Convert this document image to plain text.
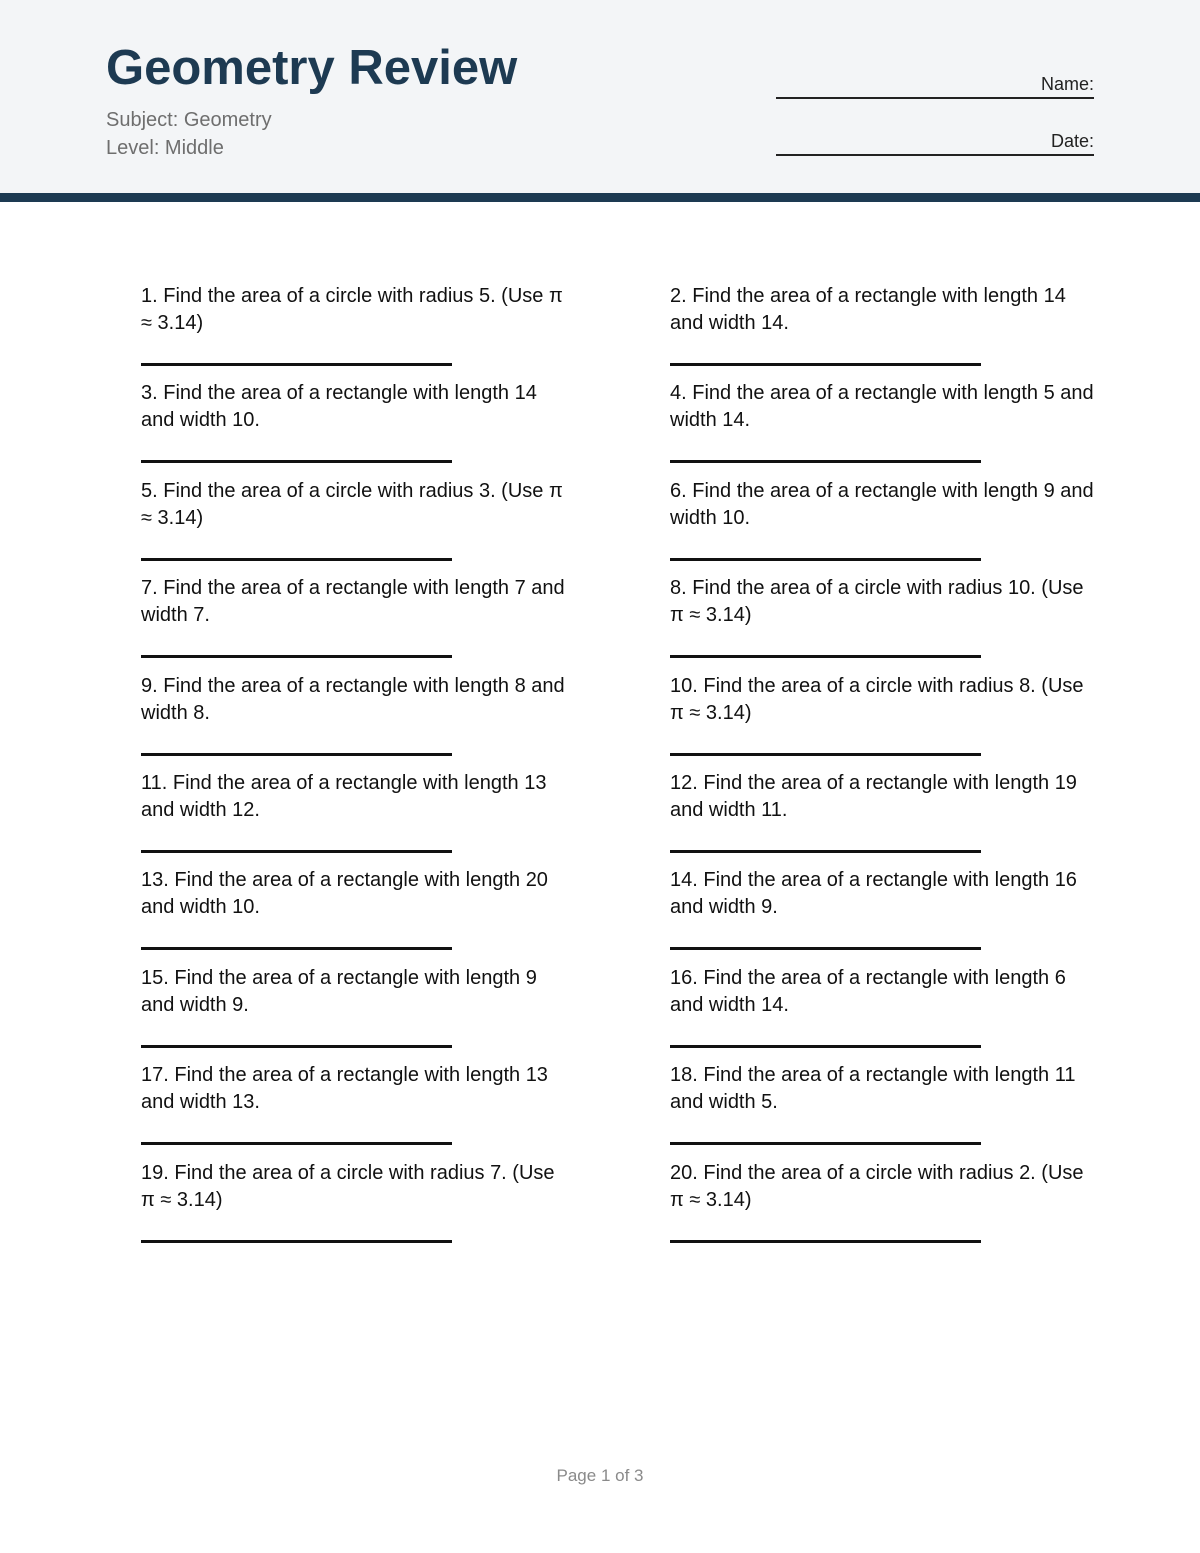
Geometry Review
Subject: Geometry
Level: Middle
Name:
Date:
1. Find the area of a circle with radius 5. (Use π ≈ 3.14)
2. Find the area of a rectangle with length 14 and width 14.
3. Find the area of a rectangle with length 14 and width 10.
4. Find the area of a rectangle with length 5 and width 14.
5. Find the area of a circle with radius 3. (Use π ≈ 3.14)
6. Find the area of a rectangle with length 9 and width 10.
7. Find the area of a rectangle with length 7 and width 7.
8. Find the area of a circle with radius 10. (Use π ≈ 3.14)
9. Find the area of a rectangle with length 8 and width 8.
10. Find the area of a circle with radius 8. (Use π ≈ 3.14)
11. Find the area of a rectangle with length 13 and width 12.
12. Find the area of a rectangle with length 19 and width 11.
13. Find the area of a rectangle with length 20 and width 10.
14. Find the area of a rectangle with length 16 and width 9.
15. Find the area of a rectangle with length 9 and width 9.
16. Find the area of a rectangle with length 6 and width 14.
17. Find the area of a rectangle with length 13 and width 13.
18. Find the area of a rectangle with length 11 and width 5.
19. Find the area of a circle with radius 7. (Use π ≈ 3.14)
20. Find the area of a circle with radius 2. (Use π ≈ 3.14)
Page 1 of 3
